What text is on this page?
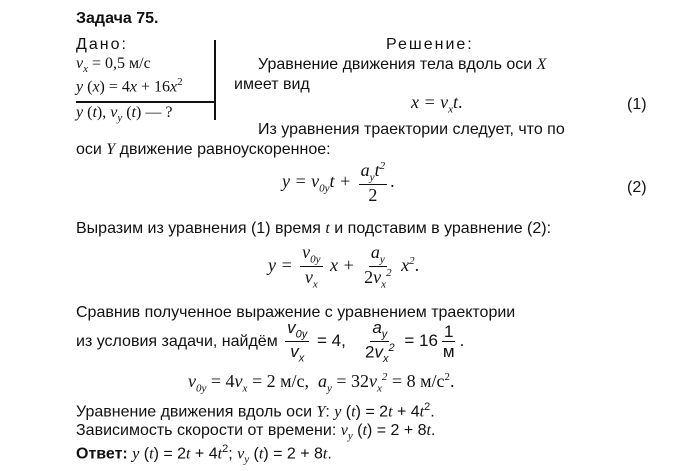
Задача 75.
Дано:
$v_x = 0,5$ м/с
y $(x) = 4x + 16x^2$
y (t), $v_y$ (t) — ?
Решение:
Уравнение движения тела вдоль оси X
имеет вид
$x = v_xt$.	(1)
Из уравнения траектории следует, что по
оси Y движение равноускоренное:
$y = v_{0y}t + \frac{a_yt^2}{2}$ .	(2)
Выразим из уравнения (1) время t и подставим в уравнение (2):
$y = \frac{v_{0y}}{v_x}$ $x + \frac{a_y}{2v_x^2} x^2$.
Сравнив полученное выражение с уравнением траектории
из условия задачи, найдём $\frac{v_{0y}}{v_x} = 4$, $\frac{a_y}{2v_x^2} = 16 \frac{1}{м}$ .
$v_{0y} = 4v_x = 2$ м/с,  $a_y = 32v_x^2 = 8$ $м/с^2$.
Уравнение движения вдоль оси Y: y $(t) = 2t + 4t^2$.
Зависимость скорости от времени: $v_y$ (t) = 2 + 8t.
Ответ: y $(t) = 2t + 4t^2$; $v_y$ (t) = 2 + 8t.
